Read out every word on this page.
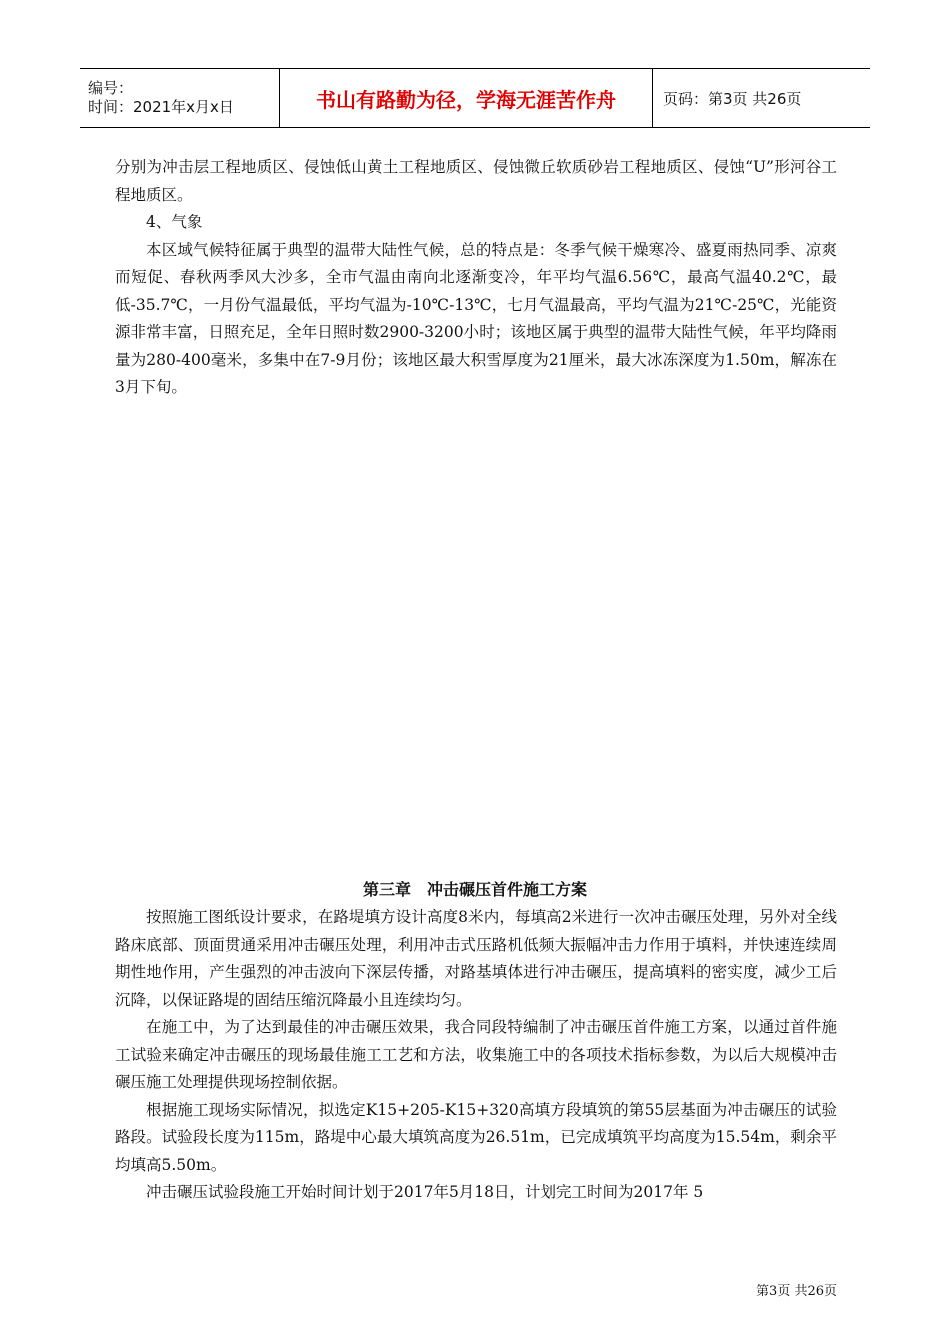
编号：
时间：2021年x月x日	书山有路勤为径，学海无涯苦作舟	页码：第3页 共26页

分别为冲击层工程地质区、侵蚀低山黄土工程地质区、侵蚀微丘软质砂岩工程地质区、侵蚀“U”形河谷工程地质区。

4、气象

本区域气候特征属于典型的温带大陆性气候，总的特点是：冬季气候干燥寒冷、盛夏雨热同季、凉爽而短促、春秋两季风大沙多，全市气温由南向北逐渐变冷，年平均气温6.56℃，最高气温40.2℃，最低-35.7℃，一月份气温最低，平均气温为-10℃-13℃，七月气温最高，平均气温为21℃-25℃，光能资源非常丰富，日照充足，全年日照时数2900-3200小时；该地区属于典型的温带大陆性气候，年平均降雨量为280-400毫米，多集中在7-9月份；该地区最大积雪厚度为21厘米，最大冰冻深度为1.50m，解冻在3月下旬。

第三章　冲击碾压首件施工方案

按照施工图纸设计要求，在路堤填方设计高度8米内，每填高2米进行一次冲击碾压处理，另外对全线路床底部、顶面贯通采用冲击碾压处理，利用冲击式压路机低频大振幅冲击力作用于填料，并快速连续周期性地作用，产生强烈的冲击波向下深层传播，对路基填体进行冲击碾压，提高填料的密实度，减少工后沉降，以保证路堤的固结压缩沉降最小且连续均匀。

在施工中，为了达到最佳的冲击碾压效果，我合同段特编制了冲击碾压首件施工方案，以通过首件施工试验来确定冲击碾压的现场最佳施工工艺和方法，收集施工中的各项技术指标参数，为以后大规模冲击碾压施工处理提供现场控制依据。

根据施工现场实际情况，拟选定K15+205-K15+320高填方段填筑的第55层基面为冲击碾压的试验路段。试验段长度为115m，路堤中心最大填筑高度为26.51m，已完成填筑平均高度为15.54m，剩余平均填高5.50m。

冲击碾压试验段施工开始时间计划于2017年5月18日，计划完工时间为2017年 5

第3页 共26页
